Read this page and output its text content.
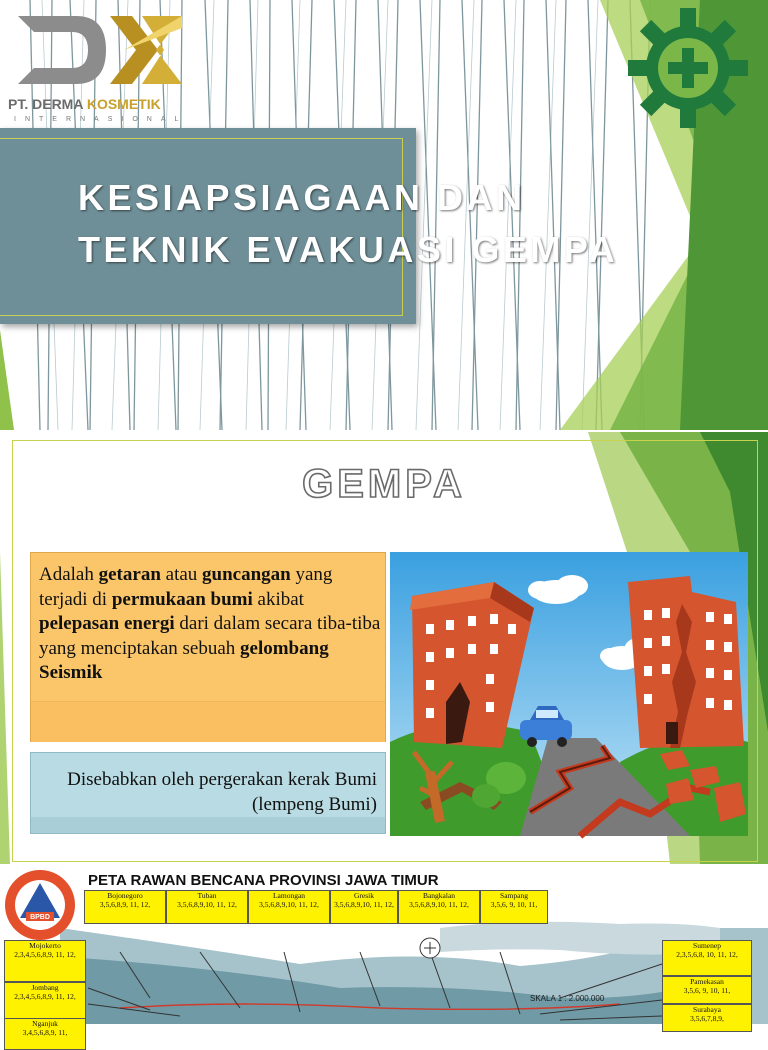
PT. DERMA KOSMETIK
INTERNASIONAL
KESIAPSIAGAAN DAN
TEKNIK EVAKUASI GEMPA
GEMPA
Adalah getaran atau guncangan yang terjadi di permukaan bumi akibat pelepasan energi dari dalam secara tiba-tiba yang menciptakan sebuah gelombang Seismik
Disebabkan oleh pergerakan kerak Bumi (lempeng Bumi)
SKALA 1 : 2.000.000
Bojonegoro
3,5,6,8,9, 11, 12,
Tuban
3,5,6,8,9,10, 11, 12,
Lamongan
3,5,6,8,9,10, 11, 12,
Gresik
3,5,6,8,9,10, 11, 12,
Bangkalan
3,5,6,8,9,10, 11, 12,
Sampang
3,5,6, 9, 10, 11,
Mojokerto
2,3,4,5,6,8,9, 11, 12,
Jombang
2,3,4,5,6,8,9, 11, 12,
Nganjuk
3,4,5,6,8,9, 11,
Sumenep
2,3,5,6,8, 10, 11, 12,
Pamekasan
3,5,6, 9, 10, 11,
Surabaya
3,5,6,7,8,9,
BPBD
PETA RAWAN BENCANA PROVINSI JAWA TIMUR
